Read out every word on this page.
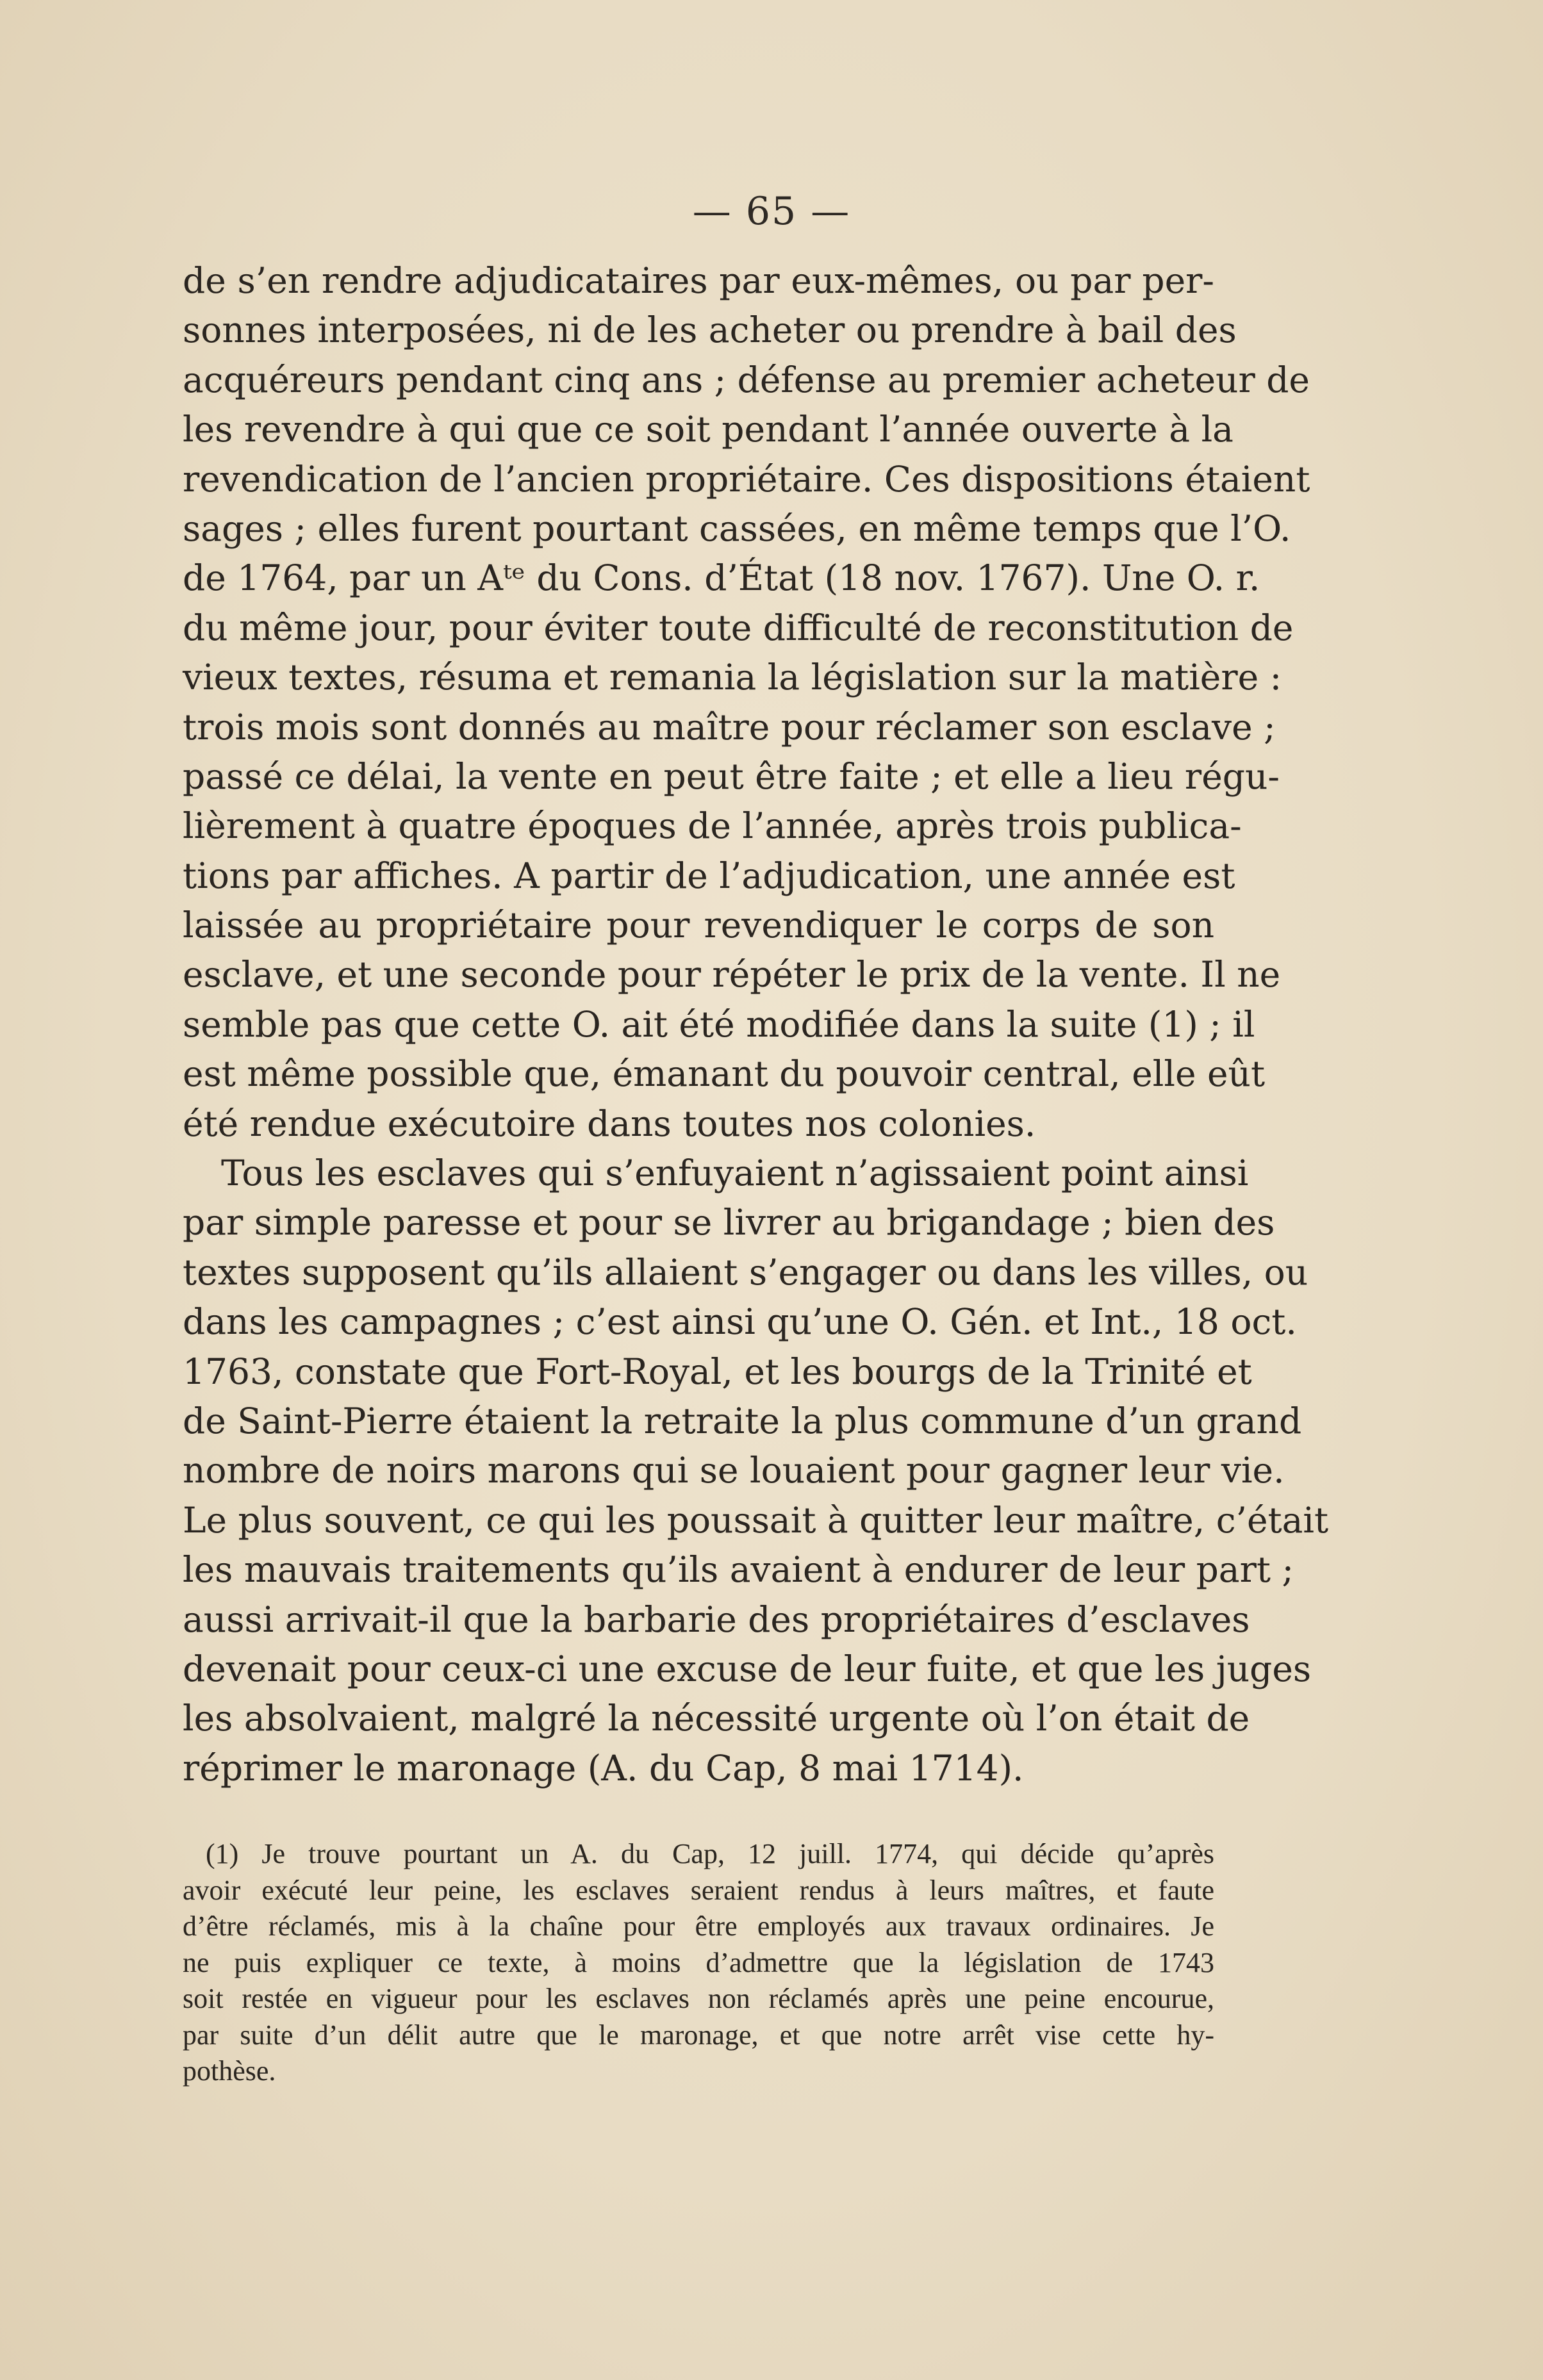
— 65 —
de s’en rendre adjudicataires par eux-mêmes, ou par per-
sonnes interposées, ni de les acheter ou prendre à bail des
acquéreurs pendant cinq ans ; défense au premier acheteur de
les revendre à qui que ce soit pendant l’année ouverte à la
revendication de l’ancien propriétaire. Ces dispositions étaient
sages ; elles furent pourtant cassées, en même temps que l’O.
de 1764, par un Aᵗᵉ du Cons. d’État (18 nov. 1767). Une O. r.
du même jour, pour éviter toute difficulté de reconstitution de
vieux textes, résuma et remania la législation sur la matière :
trois mois sont donnés au maître pour réclamer son esclave ;
passé ce délai, la vente en peut être faite ; et elle a lieu régu-
lièrement à quatre époques de l’année, après trois publica-
tions par affiches. A partir de l’adjudication, une année est
laissée au propriétaire pour revendiquer le corps de son
esclave, et une seconde pour répéter le prix de la vente. Il ne
semble pas que cette O. ait été modifiée dans la suite (1) ; il
est même possible que, émanant du pouvoir central, elle eût
été rendue exécutoire dans toutes nos colonies.
Tous les esclaves qui s’enfuyaient n’agissaient point ainsi
par simple paresse et pour se livrer au brigandage ; bien des
textes supposent qu’ils allaient s’engager ou dans les villes, ou
dans les campagnes ; c’est ainsi qu’une O. Gén. et Int., 18 oct.
1763, constate que Fort-Royal, et les bourgs de la Trinité et
de Saint-Pierre étaient la retraite la plus commune d’un grand
nombre de noirs marons qui se louaient pour gagner leur vie.
Le plus souvent, ce qui les poussait à quitter leur maître, c’était
les mauvais traitements qu’ils avaient à endurer de leur part ;
aussi arrivait-il que la barbarie des propriétaires d’esclaves
devenait pour ceux-ci une excuse de leur fuite, et que les juges
les absolvaient, malgré la nécessité urgente où l’on était de
réprimer le maronage (A. du Cap, 8 mai 1714).
(1) Je trouve pourtant un A. du Cap, 12 juill. 1774, qui décide qu’après
avoir exécuté leur peine, les esclaves seraient rendus à leurs maîtres, et faute
d’être réclamés, mis à la chaîne pour être employés aux travaux ordinaires. Je
ne puis expliquer ce texte, à moins d’admettre que la législation de 1743
soit restée en vigueur pour les esclaves non réclamés après une peine encourue,
par suite d’un délit autre que le maronage, et que notre arrêt vise cette hy-
pothèse.
